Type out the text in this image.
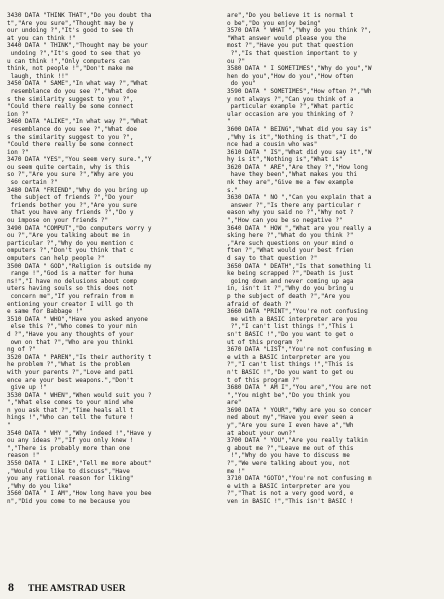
3430 DATA "THINK THAT","Do you doubt tha
t","Are you sure","Thought may be y
our undoing ?","It's good to see th
at you can think !"
3440 DATA " THINK","Thought may be your
undoing ?","It's good to see that yo
u can think !","Only computers can
think, not people !","Don't make me
laugh, think !!"
3450 DATA " SAME","In what way ?","What
resemblance do you see ?","What doe
s the similarity suggest to you ?",
"Could there really be some connect
ion ?"
3460 DATA "ALIKE","In what way ?","What
resemblance do you see ?","What doe
s the similarity suggest to you ?",
"Could there really be some connect
ion ?"
3470 DATA "YES","You seem very sure.","Y
ou seem quite certain, why is this
so ?","Are you sure ?","Why are you
so certain ?"
3480 DATA "FRIEND","Why do you bring up
the subject of friends ?","Do your
friends bother you ?","Are you sure
that you have any friends ?","Do y
ou impose on your friends ?"
3490 DATA "COMPUT","Do computers worry y
ou ?","Are you talking about me in
particular ?","Why do you mention c
omputers ?","Don't you think that c
omputers can help people ?"
3500 DATA " GOD","Religion is outside my
range !","God is a matter for huma
ns!","I have no delusions about comp
uters having souls so this does not
concern me","If you refrain from m
entioning your creator I will go th
e same for Babbage !"
3510 DATA " WHO","Have you asked anyone
else this ?","Who comes to your min
d ?","Have you any thoughts of your
own on that ?","Who are you thinki
ng of ?"
3520 DATA " PAREN","Is their authority t
he problem ?","What is the problem
with your parents ?","Love and pati
ence are your best weapons.","Don't
give up !"
3530 DATA " WHEN","When would suit you ?
","What else comes to your mind whe
n you ask that ?","Time heals all t
hings !","Who can tell the future !
"
3540 DATA " WHY ","Why indeed !","Have y
ou any ideas ?","If you only knew !
","There is probably more than one
reason !"
3550 DATA " I LIKE","Tell me more about"
,"Would you like to discuss","Have
you any rational reason for liking"
,"Why do you like"
3560 DATA " I AM","How long have you bee
n","Did you come to me because you
are","Do you believe it is normal t
o be","Do you enjoy being"
3570 DATA " WHAT ","Why do you think ?",
"What answer would please you the
most ?","Have you put that question
?","Is that question important to y
ou ?"
3580 DATA " I SOMETIMES","Why do you","W
hen do you","How do you","How often
do you"
3590 DATA " SOMETIMES","How often ?","Wh
y not always ?","Can you think of a
particular example ?","What partic
ular occasion are you thinking of ?
"
3600 DATA " BEING","What did you say is"
,"Why is it","Nothing is that","I do
nce had a cousin who was"
3610 DATA " IS","What did you say it","W
hy is it","Nothing is","What is"
3620 DATA " ARE","Are they ?","How long
have they been","What makes you thi
nk they are","Give me a few example
s."
3630 DATA " NO ","Can you explain that a
answer ?","Is there any particular r
eason why you said no ?","Why not ?
","How can you be so negative ?"
3640 DATA " HOW ","What are you really a
sking here ?","What do you think ?"
,"Are such questions on your mind o
ften ?","What would your best frien
d say to that question ?"
3650 DATA " DEATH","Is that something li
ke being scrapped ?","Death is just
going down and never coming up aga
in, isn't it ?","Why do you bring u
p the subject of death ?","Are you
afraid of death ?"
3660 DATA "PRINT","You're not confusing
me with a BASIC interpreter are you
?","I can't list things !","This i
sn't BASIC !","Do you want to get o
ut of this program ?"
3670 DATA "LIST","You're not confusing m
e with a BASIC interpreter are you
?","I can't list things !","This is
n't BASIC !","Do you want to get ou
t of this program ?"
3680 DATA " AM I","You are","You are not
","You might be","Do you think you
are"
3690 DATA " YOUR","Why are you so concer
ned about my","Have you ever seen a
y","Are you sure I even have a","Wh
at about your own?"
3700 DATA " YOU","Are you really talkin
g about me ?","Leave me out of this
!","Why do you have to discuss me
?","We were talking about you, not
me !"
3710 DATA "GOTO","You're not confusing m
e with a BASIC interpreter are you
?","That is not a very good word, e
ven in BASIC !","This isn't BASIC !
8 THE AMSTRAD USER
